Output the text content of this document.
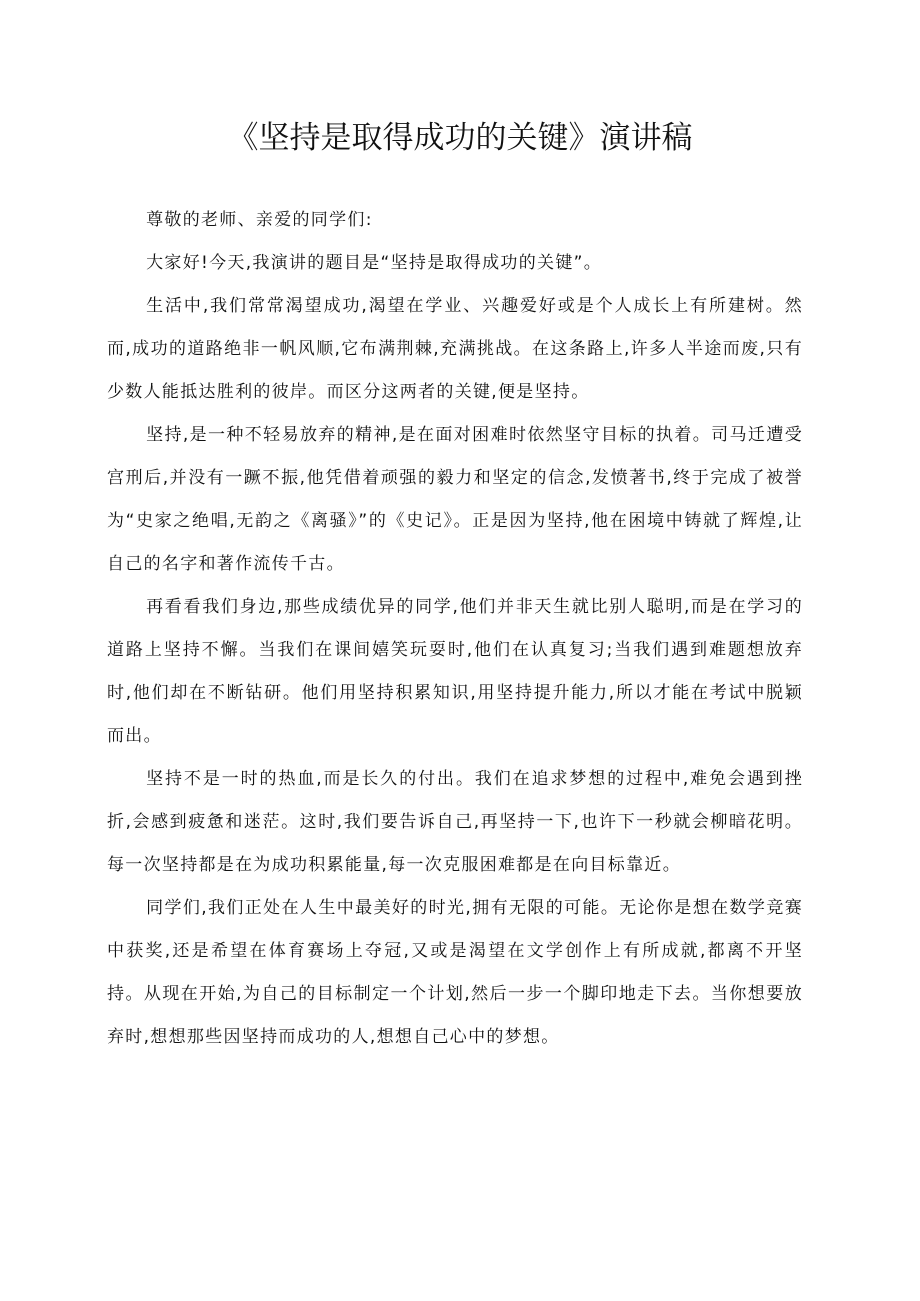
《坚持是取得成功的关键》演讲稿

尊敬的老师、亲爱的同学们:

大家好!今天,我演讲的题目是“坚持是取得成功的关键”。

生活中,我们常常渴望成功,渴望在学业、兴趣爱好或是个人成长上有所建树。然而,成功的道路绝非一帆风顺,它布满荆棘,充满挑战。在这条路上,许多人半途而废,只有少数人能抵达胜利的彼岸。而区分这两者的关键,便是坚持。

坚持,是一种不轻易放弃的精神,是在面对困难时依然坚守目标的执着。司马迁遭受宫刑后,并没有一蹶不振,他凭借着顽强的毅力和坚定的信念,发愤著书,终于完成了被誉为“史家之绝唱,无韵之《离骚》”的《史记》。正是因为坚持,他在困境中铸就了辉煌,让自己的名字和著作流传千古。

再看看我们身边,那些成绩优异的同学,他们并非天生就比别人聪明,而是在学习的道路上坚持不懈。当我们在课间嬉笑玩耍时,他们在认真复习;当我们遇到难题想放弃时,他们却在不断钻研。他们用坚持积累知识,用坚持提升能力,所以才能在考试中脱颖而出。

坚持不是一时的热血,而是长久的付出。我们在追求梦想的过程中,难免会遇到挫折,会感到疲惫和迷茫。这时,我们要告诉自己,再坚持一下,也许下一秒就会柳暗花明。每一次坚持都是在为成功积累能量,每一次克服困难都是在向目标靠近。

同学们,我们正处在人生中最美好的时光,拥有无限的可能。无论你是想在数学竞赛中获奖,还是希望在体育赛场上夺冠,又或是渴望在文学创作上有所成就,都离不开坚持。从现在开始,为自己的目标制定一个计划,然后一步一个脚印地走下去。当你想要放弃时,想想那些因坚持而成功的人,想想自己心中的梦想。
